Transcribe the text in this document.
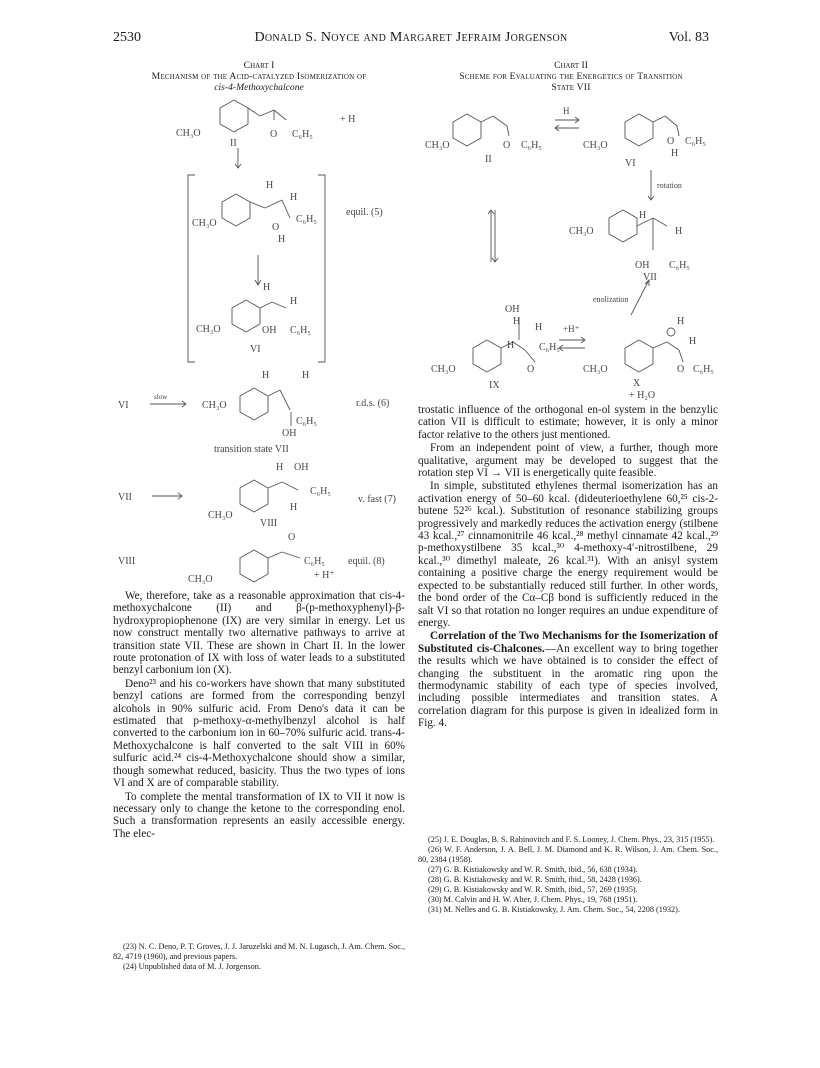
2530	Donald S. Noyce and Margaret Jefraim Jorgenson	Vol. 83
Chart I
Mechanism of the Acid-catalyzed Isomerization of
cis-4-Methoxychalcone
Chart II
Scheme for Evaluating the Energetics of Transition
State VII
CH₃O	O C₆H₅
II
+ H
H
H
CH₃O	O
C₆H₅
H
equil. (5)
H
H
CH₃O	OH C₆H₅
VI
H	H
VI
slow
CH₃O
C₆H₅
OH
r.d.s. (6)
transition state VII
H OH
VII
C₆H₅
H
CH₃O
v. fast (7)
VIII
O
VIII	C₆H₅ equil. (8)
+ H⁺
CH₃O
CH₃O	O C₆H₅
II
H
CH₃O	O C₆H₅
H
VI
rotation
H
H
CH₃O
OH C₆H₅
VII
enolization
OH
H
H
H C₆H₅
CH₃O	O
IX
+H⁺
H
H
CH₃O	O C₆H₅
X
+ H₂O

We, therefore, take as a reasonable approximation that cis-4-methoxychalcone (II) and β-(p-methoxyphenyl)-β-hydroxypropiophenone (IX) are very similar in energy. Let us now construct mentally two alternative pathways to arrive at transition state VII. These are shown in Chart II. In the lower route protonation of IX with loss of water leads to a substituted benzyl carbonium ion (X).

Deno²³ and his co-workers have shown that many substituted benzyl cations are formed from the corresponding benzyl alcohols in 90% sulfuric acid. From Deno's data it can be estimated that p-methoxy-α-methylbenzyl alcohol is half converted to the carbonium ion in 60–70% sulfuric acid. trans-4-Methoxychalcone is half converted to the salt VIII in 60% sulfuric acid.²⁴ cis-4-Methoxychalcone should show a similar, though somewhat reduced, basicity. Thus the two types of ions VI and X are of comparable stability.

To complete the mental transformation of IX to VII it now is necessary only to change the ketone to the corresponding enol. Such a transformation represents an easily accessible energy. The elec-

(23) N. C. Deno, P. T. Groves, J. J. Jaruzelski and M. N. Lugasch, J. Am. Chem. Soc., 82, 4719 (1960), and previous papers.
(24) Unpublished data of M. J. Jorgenson.

trostatic influence of the orthogonal en-ol system in the benzylic cation VII is difficult to estimate; however, it is only a minor factor relative to the others just mentioned.

From an independent point of view, a further, though more qualitative, argument may be developed to suggest that the rotation step VI → VII is energetically quite feasible.

In simple, substituted ethylenes thermal isomerization has an activation energy of 50–60 kcal. (dideuterioethylene 60,²⁵ cis-2-butene 52²⁶ kcal.). Substitution of resonance stabilizing groups progressively and markedly reduces the activation energy (stilbene 43 kcal.,²⁷ cinnamonitrile 46 kcal.,²⁸ methyl cinnamate 42 kcal.,²⁹ p-methoxystilbene 35 kcal.,³⁰ 4-methoxy-4′-nitrostilbene, 29 kcal.,³⁰ dimethyl maleate, 26 kcal.³¹). With an anisyl system containing a positive charge the energy requirement would be expected to be substantially reduced still further. In other words, the bond order of the Cα–Cβ bond is sufficiently reduced in the salt VI so that rotation no longer requires an undue expenditure of energy.

Correlation of the Two Mechanisms for the Isomerization of Substituted cis-Chalcones.—An excellent way to bring together the results which we have obtained is to consider the effect of changing the substituent in the aromatic ring upon the thermodynamic stability of each type of species involved, including possible intermediates and transition states. A correlation diagram for this purpose is given in idealized form in Fig. 4.

(25) J. E. Douglas, B. S. Rabinovitch and F. S. Looney, J. Chem. Phys., 23, 315 (1955).
(26) W. F. Anderson, J. A. Bell, J. M. Diamond and K. R. Wilson, J. Am. Chem. Soc., 80, 2384 (1958).
(27) G. B. Kistiakowsky and W. R. Smith, ibid., 56, 638 (1934).
(28) G. B. Kistiakowsky and W. R. Smith, ibid., 58, 2428 (1936).
(29) G. B. Kistiakowsky and W. R. Smith, ibid., 57, 269 (1935).
(30) M. Calvin and H. W. Alter, J. Chem. Phys., 19, 768 (1951).
(31) M. Nelles and G. B. Kistiakowsky, J. Am. Chem. Soc., 54, 2208 (1932).
